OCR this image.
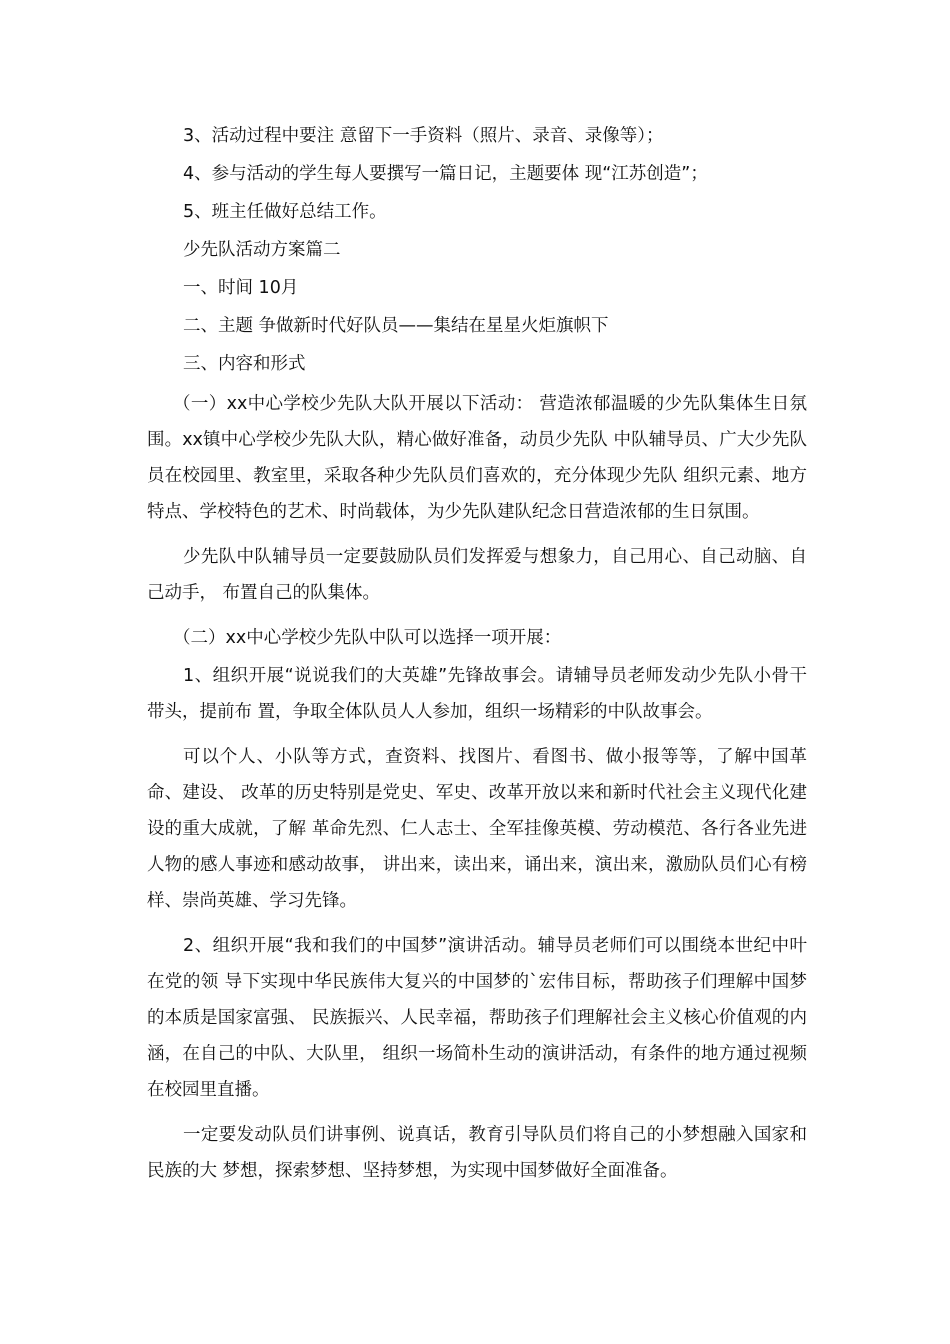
3、活动过程中要注 意留下一手资料（照片、录音、录像等）；

4、参与活动的学生每人要撰写一篇日记，主题要体 现“江苏创造”；

5、班主任做好总结工作。

少先队活动方案篇二

一、时间 10月

二、主题 争做新时代好队员——集结在星星火炬旗帜下

三、内容和形式

（一）xx中心学校少先队大队开展以下活动： 营造浓郁温暖的少先队集体生日氛围。xx镇中心学校少先队大队，精心做好准备，动员少先队 中队辅导员、广大少先队员在校园里、教室里，采取各种少先队员们喜欢的，充分体现少先队 组织元素、地方特点、学校特色的艺术、时尚载体，为少先队建队纪念日营造浓郁的生日氛围。

少先队中队辅导员一定要鼓励队员们发挥爱与想象力，自己用心、自己动脑、自己动手， 布置自己的队集体。

（二）xx中心学校少先队中队可以选择一项开展：

1、组织开展“说说我们的大英雄”先锋故事会。请辅导员老师发动少先队小骨干带头，提前布 置，争取全体队员人人参加，组织一场精彩的中队故事会。

可以个人、小队等方式，查资料、找图片、看图书、做小报等等，了解中国革命、建设、 改革的历史特别是党史、军史、改革开放以来和新时代社会主义现代化建设的重大成就，了解 革命先烈、仁人志士、全军挂像英模、劳动模范、各行各业先进人物的感人事迹和感动故事， 讲出来，读出来，诵出来，演出来，激励队员们心有榜样、崇尚英雄、学习先锋。

2、组织开展“我和我们的中国梦”演讲活动。辅导员老师们可以围绕本世纪中叶在党的领 导下实现中华民族伟大复兴的中国梦的`宏伟目标，帮助孩子们理解中国梦的本质是国家富强、 民族振兴、人民幸福，帮助孩子们理解社会主义核心价值观的内涵，在自己的中队、大队里， 组织一场简朴生动的演讲活动，有条件的地方通过视频在校园里直播。

一定要发动队员们讲事例、说真话，教育引导队员们将自己的小梦想融入国家和民族的大 梦想，探索梦想、坚持梦想，为实现中国梦做好全面准备。
